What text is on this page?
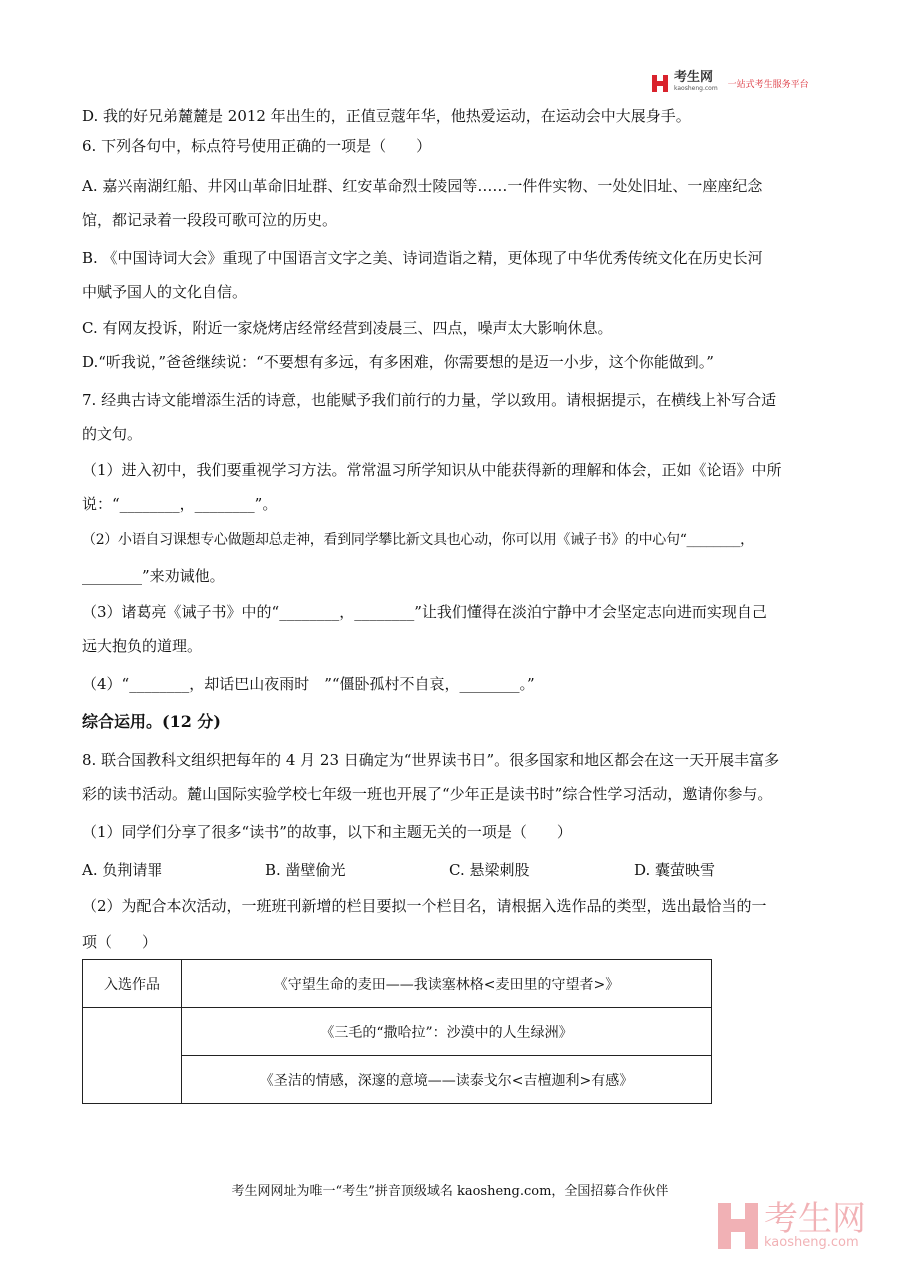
考生网
kaosheng.com 一站式考生服务平台
D. 我的好兄弟麓麓是 2012 年出生的，正值豆蔻年华，他热爱运动，在运动会中大展身手。
6. 下列各句中，标点符号使用正确的一项是（　　）
A. 嘉兴南湖红船、井冈山革命旧址群、红安革命烈士陵园等……一件件实物、一处处旧址、一座座纪念
馆，都记录着一段段可歌可泣的历史。
B. 《中国诗词大会》重现了中国语言文字之美、诗词造诣之精，更体现了中华优秀传统文化在历史长河
中赋予国人的文化自信。
C. 有网友投诉，附近一家烧烤店经常经营到凌晨三、四点，噪声太大影响休息。
D.“听我说，”爸爸继续说：“不要想有多远，有多困难，你需要想的是迈一小步，这个你能做到。”
7. 经典古诗文能增添生活的诗意，也能赋予我们前行的力量，学以致用。请根据提示，在横线上补写合适
的文句。
（1）进入初中，我们要重视学习方法。常常温习所学知识从中能获得新的理解和体会，正如《论语》中所
说：“________，________”。
（2）小语自习课想专心做题却总走神，看到同学攀比新文具也心动，你可以用《诫子书》的中心句“________，
________”来劝诫他。
（3）诸葛亮《诫子书》中的“________，________”让我们懂得在淡泊宁静中才会坚定志向进而实现自己
远大抱负的道理。
（4）“________，却话巴山夜雨时　”“僵卧孤村不自哀，________。”
综合运用。(12 分)
8. 联合国教科文组织把每年的 4 月 23 日确定为“世界读书日”。很多国家和地区都会在这一天开展丰富多
彩的读书活动。麓山国际实验学校七年级一班也开展了“少年正是读书时”综合性学习活动，邀请你参与。
（1）同学们分享了很多“读书”的故事，以下和主题无关的一项是（　　）
A. 负荆请罪	B. 凿壁偷光	C. 悬梁刺股	D. 囊萤映雪
（2）为配合本次活动，一班班刊新增的栏目要拟一个栏目名，请根据入选作品的类型，选出最恰当的一
项（　　）
入选作品	《守望生命的麦田——我读塞林格<麦田里的守望者>》
	《三毛的“撒哈拉”：沙漠中的人生绿洲》
	《圣洁的情感，深邃的意境——读泰戈尔<吉檀迦利>有感》
考生网网址为唯一“考生”拼音顶级域名 kaosheng.com，全国招募合作伙伴
考生网
kaosheng.com
